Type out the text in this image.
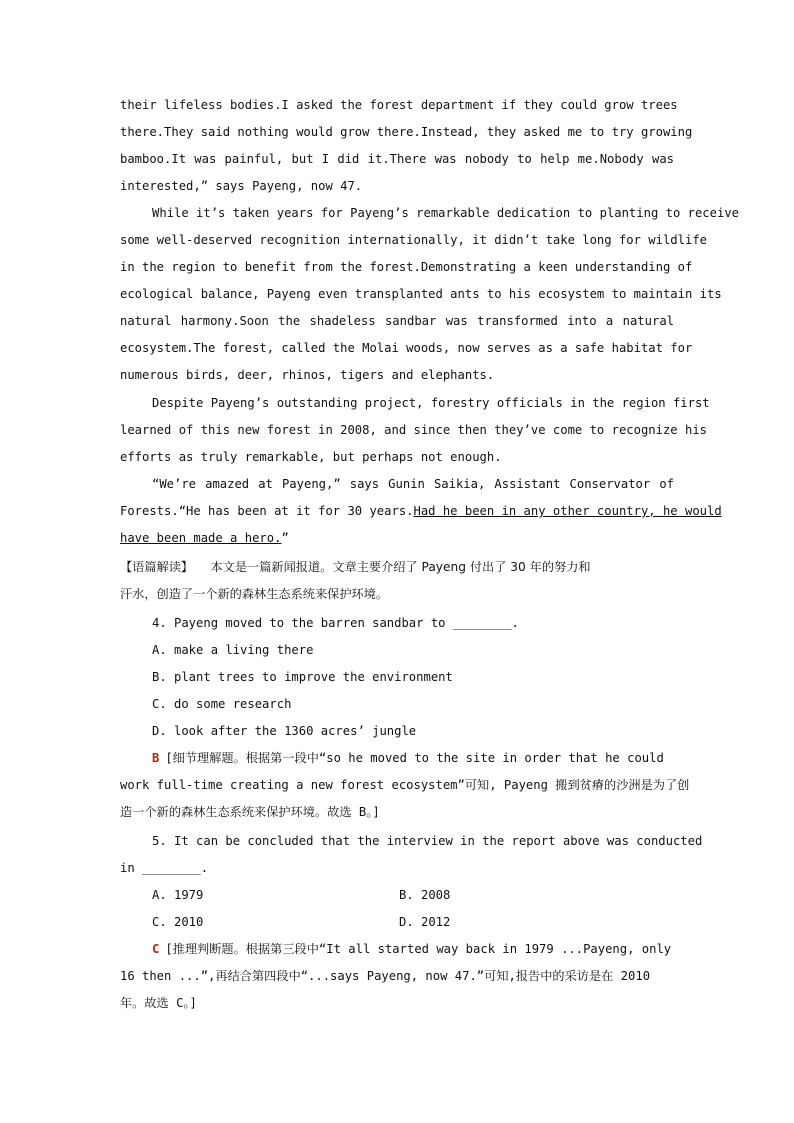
their lifeless bodies.I asked the forest department if they could grow trees
there.They said nothing would grow there.Instead, they asked me to try growing
bamboo.It was painful, but I did it.There was nobody to help me.Nobody was
interested,” says Payeng, now 47.
While it’s taken years for Payeng’s remarkable dedication to planting to receive
some well-deserved recognition internationally, it didn’t take long for wildlife
in the region to benefit from the forest.Demonstrating a keen understanding of
ecological balance, Payeng even transplanted ants to his ecosystem to maintain its
natural harmony.Soon the shadeless sandbar was transformed into a natural
ecosystem.The forest, called the Molai woods, now serves as a safe habitat for
numerous birds, deer, rhinos, tigers and elephants.
Despite Payeng’s outstanding project, forestry officials in the region first
learned of this new forest in 2008, and since then they’ve come to recognize his
efforts as truly remarkable, but perhaps not enough.
“We’re amazed at Payeng,” says Gunin Saikia, Assistant Conservator of
Forests.“He has been at it for 30 years.Had he been in any other country, he would
have been made a hero.”
【语篇解读】 本文是一篇新闻报道。文章主要介绍了 Payeng 付出了 30 年的努力和
汗水，创造了一个新的森林生态系统来保护环境。
4. Payeng moved to the barren sandbar to ________.
A. make a living there
B. plant trees to improve the environment
C. do some research
D. look after the 1360 acres’ jungle
B [细节理解题。根据第一段中“so he moved to the site in order that he could
work full-time creating a new forest ecosystem”可知, Payeng 搬到贫瘠的沙洲是为了创
造一个新的森林生态系统来保护环境。故选 B。]
5. It can be concluded that the interview in the report above was conducted
in ________.
A. 1979	B. 2008
C. 2010	D. 2012
C [推理判断题。根据第三段中“It all started way back in 1979 ...Payeng, only
16 then ...”,再结合第四段中“...says Payeng, now 47.”可知,报告中的采访是在 2010
年。故选 C。]
